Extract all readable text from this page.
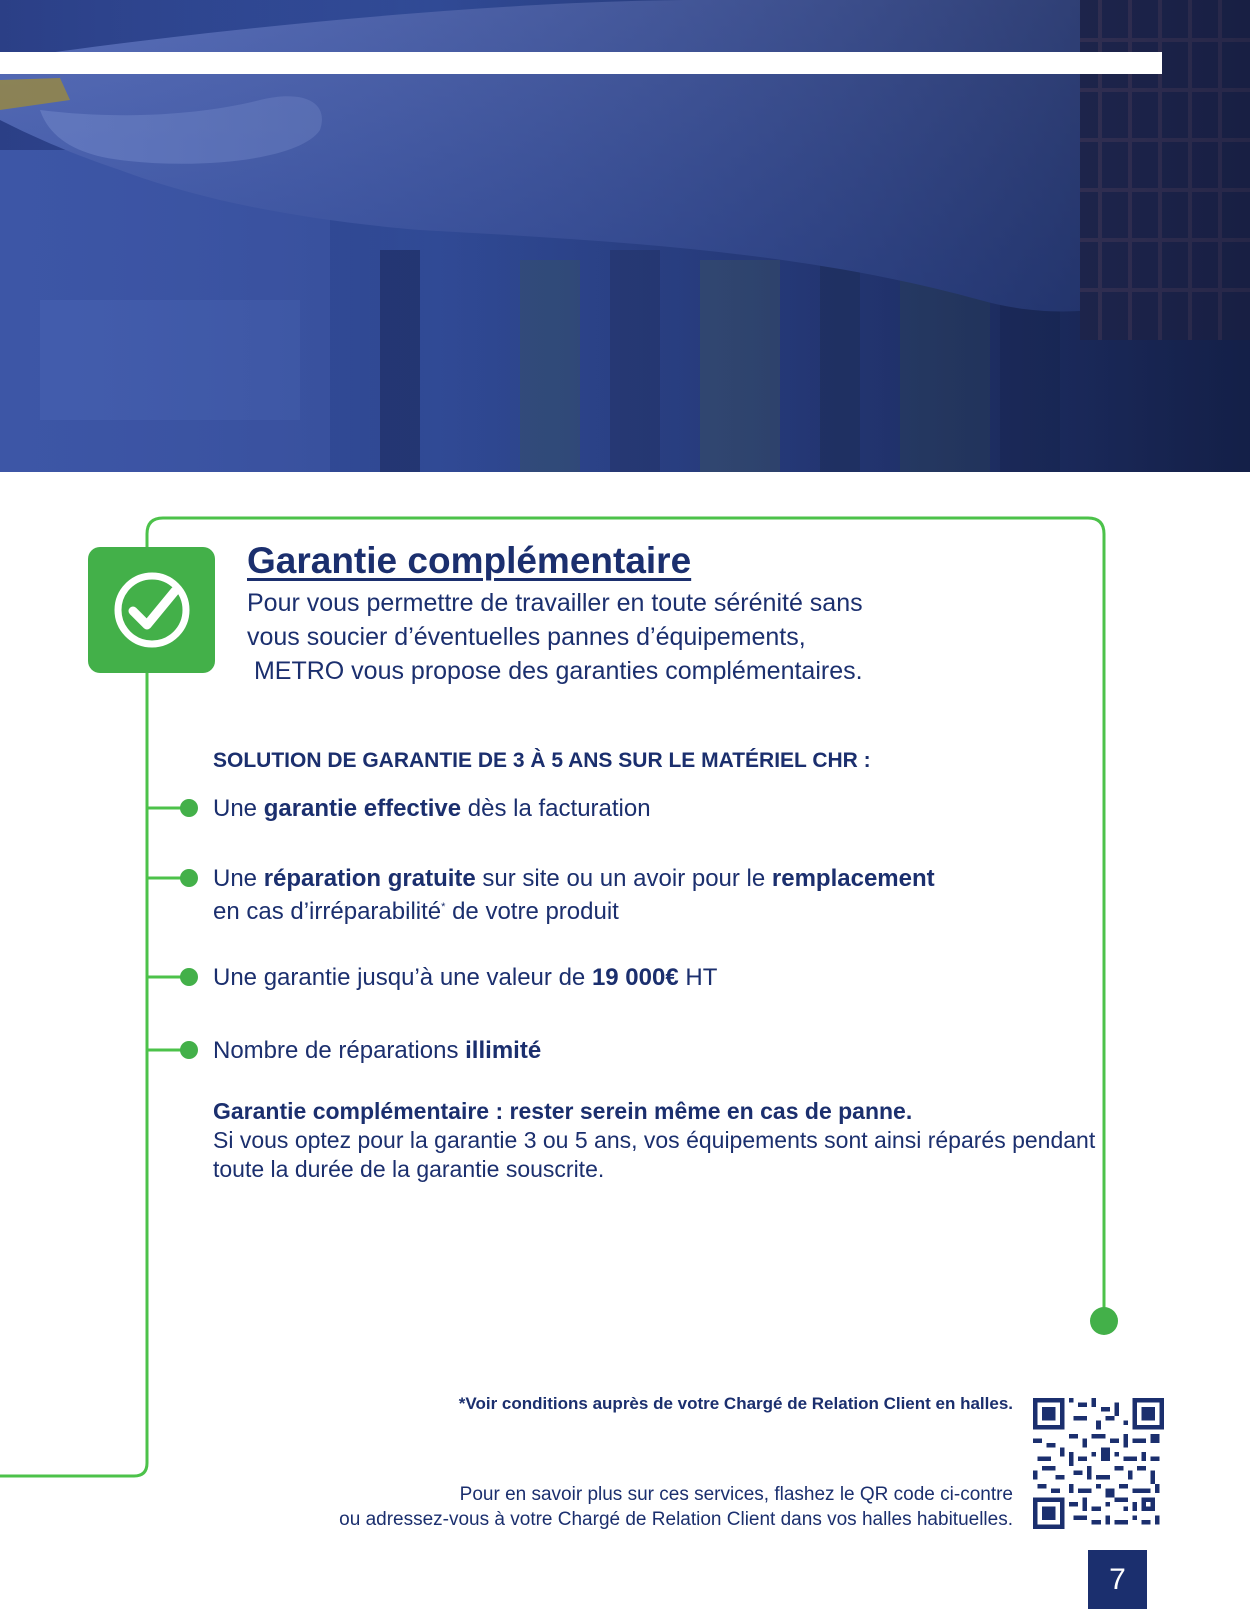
Garantie complémentaire
Pour vous permettre de travailler en toute sérénité sans
vous soucier d’éventuelles pannes d’équipements,
METRO vous propose des garanties complémentaires.
SOLUTION DE GARANTIE DE 3 À 5 ANS SUR LE MATÉRIEL CHR :
Une garantie effective dès la facturation
Une réparation gratuite sur site ou un avoir pour le remplacement
en cas d’irréparabilité* de votre produit
Une garantie jusqu’à une valeur de 19 000€ HT
Nombre de réparations illimité
Garantie complémentaire : rester serein même en cas de panne.
Si vous optez pour la garantie 3 ou 5 ans, vos équipements sont ainsi réparés pendant toute la durée de la garantie souscrite.
*Voir conditions auprès de votre Chargé de Relation Client en halles.
Pour en savoir plus sur ces services, flashez le QR code ci-contre
ou adressez-vous à votre Chargé de Relation Client dans vos halles habituelles.
7
